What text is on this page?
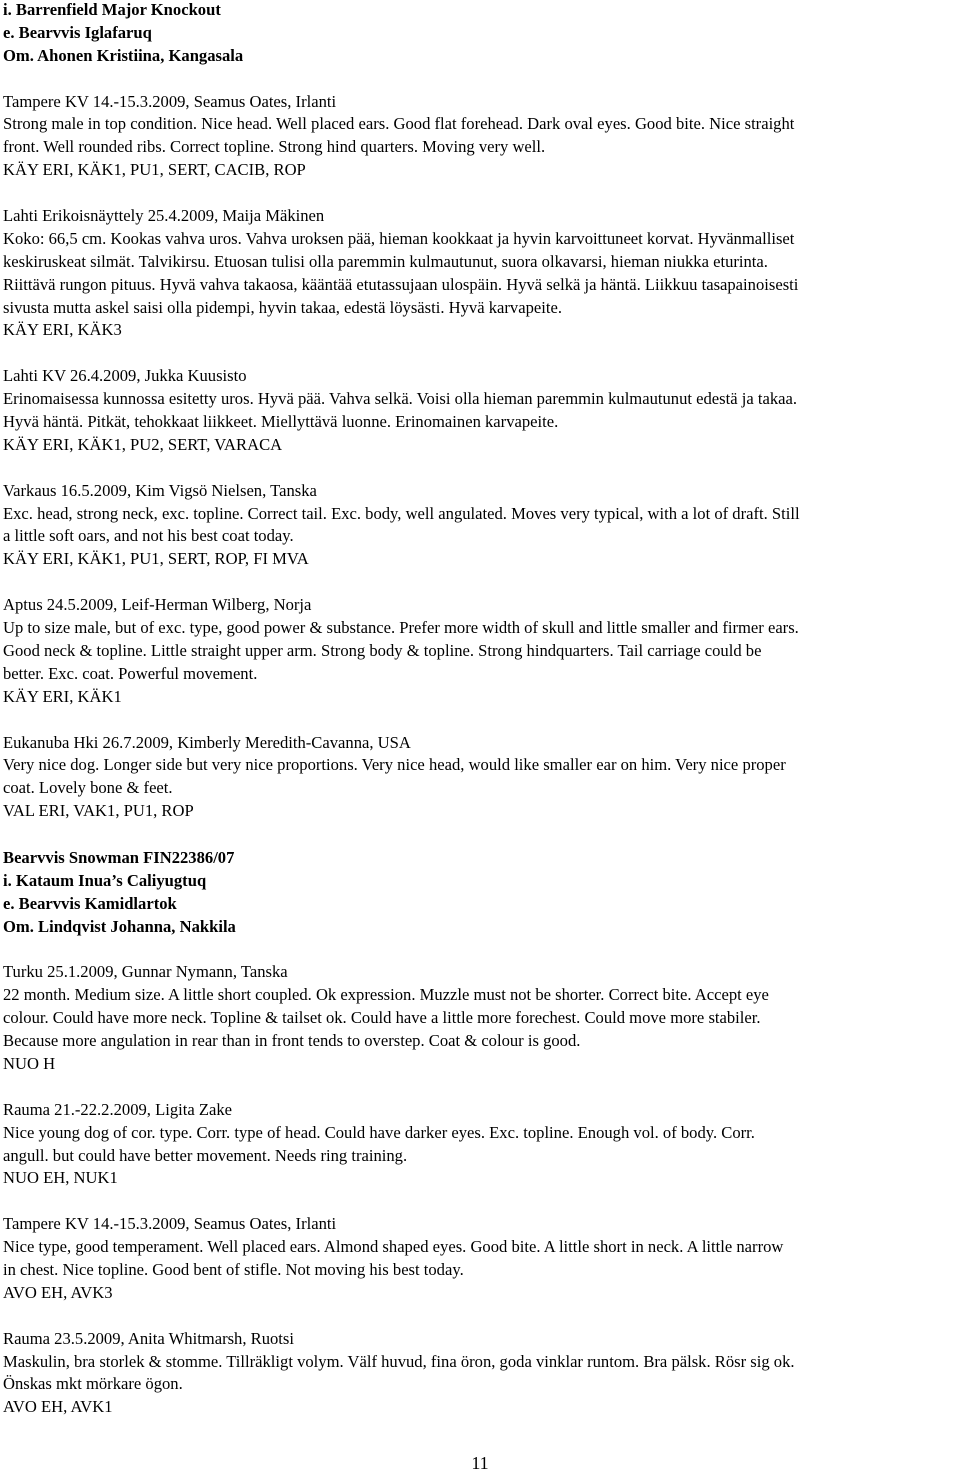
i. Barrenfield Major Knockout
e. Bearvvis Iglafaruq
Om. Ahonen Kristiina, Kangasala
Tampere KV 14.-15.3.2009, Seamus Oates, Irlanti
Strong male in top condition. Nice head. Well placed ears. Good flat forehead. Dark oval eyes. Good bite. Nice straight
front. Well rounded ribs. Correct topline. Strong hind quarters. Moving very well.
KÄY ERI, KÄK1, PU1, SERT, CACIB, ROP
Lahti Erikoisnäyttely 25.4.2009, Maija Mäkinen
Koko: 66,5 cm. Kookas vahva uros. Vahva uroksen pää, hieman kookkaat ja hyvin karvoittuneet korvat. Hyvänmalliset
keskiruskeat silmät. Talvikirsu. Etuosan tulisi olla paremmin kulmautunut, suora olkavarsi, hieman niukka eturinta.
Riittävä rungon pituus. Hyvä vahva takaosa, kääntää etutassujaan ulospäin. Hyvä selkä ja häntä. Liikkuu tasapainoisesti
sivusta mutta askel saisi olla pidempi, hyvin takaa, edestä löysästi. Hyvä karvapeite.
KÄY ERI, KÄK3
Lahti KV 26.4.2009, Jukka Kuusisto
Erinomaisessa kunnossa esitetty uros. Hyvä pää. Vahva selkä. Voisi olla hieman paremmin kulmautunut edestä ja takaa.
Hyvä häntä. Pitkät, tehokkaat liikkeet. Miellyttävä luonne. Erinomainen karvapeite.
KÄY ERI, KÄK1, PU2, SERT, VARACA
Varkaus 16.5.2009, Kim Vigsö Nielsen, Tanska
Exc. head, strong neck, exc. topline. Correct tail. Exc. body, well angulated. Moves very typical, with a lot of draft. Still
a little soft oars, and not his best coat today.
KÄY ERI, KÄK1, PU1, SERT, ROP, FI MVA
Aptus 24.5.2009, Leif-Herman Wilberg, Norja
Up to size male, but of exc. type, good power & substance. Prefer more width of skull and little smaller and firmer ears.
Good neck & topline. Little straight upper arm. Strong body & topline. Strong hindquarters. Tail carriage could be
better. Exc. coat. Powerful movement.
KÄY ERI, KÄK1
Eukanuba Hki 26.7.2009, Kimberly Meredith-Cavanna, USA
Very nice dog. Longer side but very nice proportions. Very nice head, would like smaller ear on him. Very nice proper
coat. Lovely bone & feet.
VAL ERI, VAK1, PU1, ROP
Bearvvis Snowman FIN22386/07
i. Kataum Inua’s Caliyugtuq
e. Bearvvis Kamidlartok
Om. Lindqvist Johanna, Nakkila
Turku 25.1.2009, Gunnar Nymann, Tanska
22 month. Medium size. A little short coupled. Ok expression. Muzzle must not be shorter. Correct bite. Accept eye
colour. Could have more neck. Topline & tailset ok. Could have a little more forechest. Could move more stabiler.
Because more angulation in rear than in front tends to overstep. Coat & colour is good.
NUO H
Rauma 21.-22.2.2009, Ligita Zake
Nice young dog of cor. type. Corr. type of head. Could have darker eyes. Exc. topline. Enough vol. of body. Corr.
angull. but could have better movement. Needs ring training.
NUO EH, NUK1
Tampere KV 14.-15.3.2009, Seamus Oates, Irlanti
Nice type, good temperament. Well placed ears. Almond shaped eyes. Good bite. A little short in neck. A little narrow
in chest. Nice topline. Good bent of stifle. Not moving his best today.
AVO EH, AVK3
Rauma 23.5.2009, Anita Whitmarsh, Ruotsi
Maskulin, bra storlek & stomme. Tillräkligt volym. Välf huvud, fina öron, goda vinklar runtom. Bra pälsk. Rösr sig ok.
Önskas mkt mörkare ögon.
AVO EH, AVK1
11
